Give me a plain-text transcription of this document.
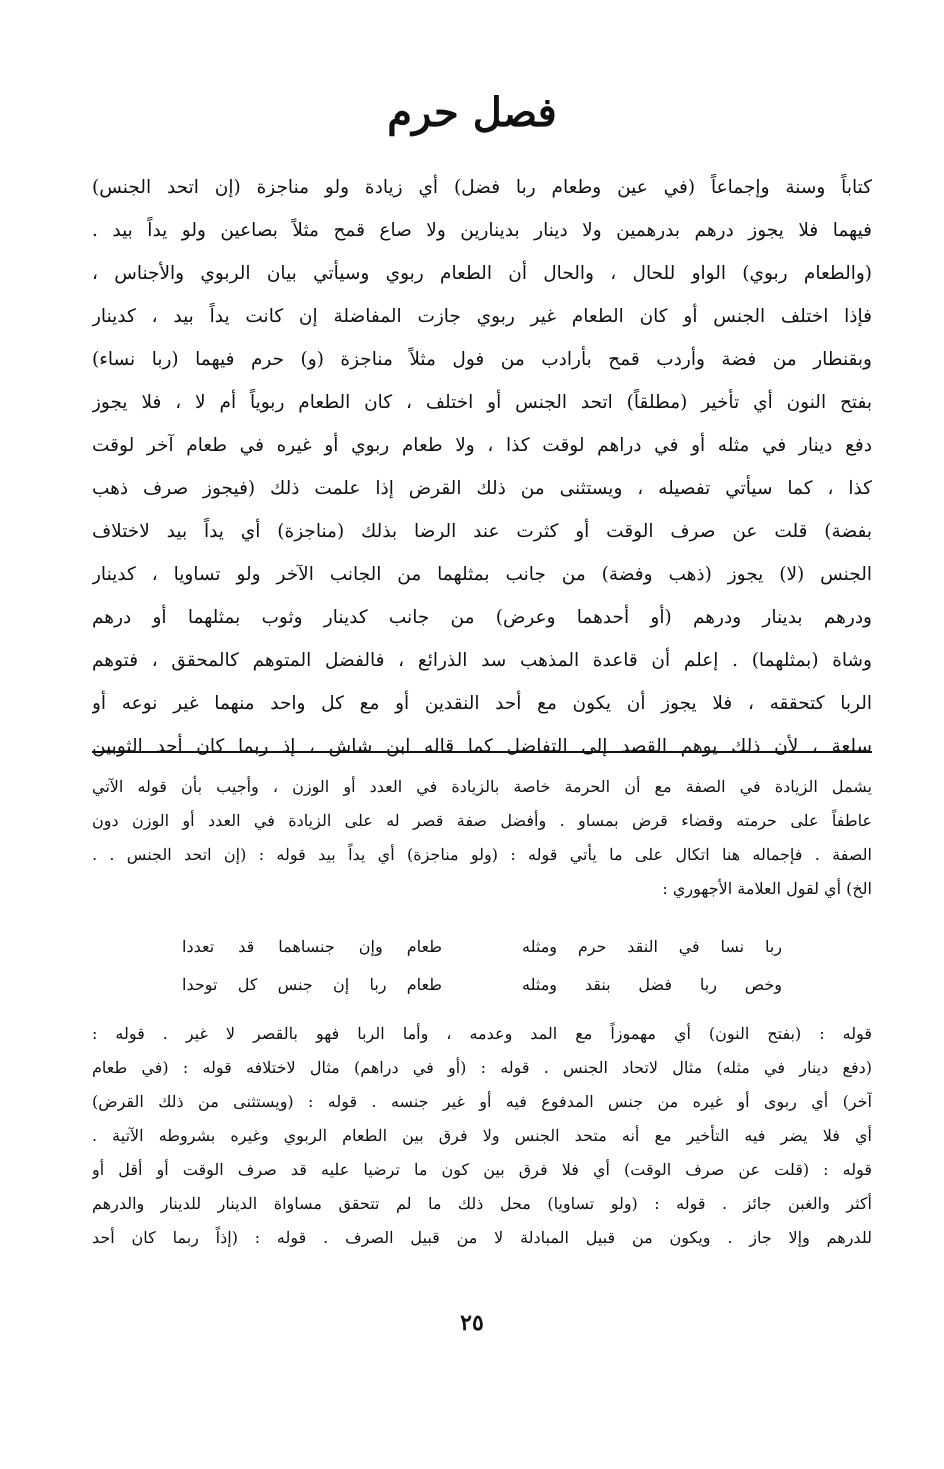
فصل حرم
كتاباً وسنة وإجماعاً (في عين وطعام ربا فضل) أي زيادة ولو مناجزة (إن اتحد الجنس)
فيهما فلا يجوز درهم بدرهمين ولا دينار بدينارين ولا صاع قمح مثلاً بصاعين ولو يداً بيد .
(والطعام ربوي) الواو للحال ، والحال أن الطعام ربوي وسيأتي بيان الربوي والأجناس ،
فإذا اختلف الجنس أو كان الطعام غير ربوي جازت المفاضلة إن كانت يداً بيد ، كدينار
وبقنطار من فضة وأردب قمح بأرادب من فول مثلاً مناجزة (و) حرم فيهما (ربا نساء)
بفتح النون أي تأخير (مطلقاً) اتحد الجنس أو اختلف ، كان الطعام ربوياً أم لا ، فلا يجوز
دفع دينار في مثله أو في دراهم لوقت كذا ، ولا طعام ربوي أو غيره في طعام آخر لوقت
كذا ، كما سيأتي تفصيله ، ويستثنى من ذلك القرض إذا علمت ذلك (فيجوز صرف ذهب
بفضة) قلت عن صرف الوقت أو كثرت عند الرضا بذلك (مناجزة) أي يداً بيد لاختلاف
الجنس (لا) يجوز (ذهب وفضة) من جانب بمثلهما من الجانب الآخر ولو تساويا ، كدينار
ودرهم بدينار ودرهم (أو أحدهما وعرض) من جانب كدينار وثوب بمثلهما أو درهم
وشاة (بمثلهما) . إعلم أن قاعدة المذهب سد الذرائع ، فالفضل المتوهم كالمحقق ، فتوهم
الربا كتحققه ، فلا يجوز أن يكون مع أحد النقدين أو مع كل واحد منهما غير نوعه أو
سلعة ، لأن ذلك يوهم القصد إلى التفاضل كما قاله ابن شاش ، إذ ربما كان أحد الثوبين
يشمل الزيادة في الصفة مع أن الحرمة خاصة بالزيادة في العدد أو الوزن ، وأجيب بأن قوله الآتي
عاطفاً على حرمته وقضاء قرض بمساو . وأفضل صفة قصر له على الزيادة في العدد أو الوزن دون
الصفة . فإجماله هنا اتكال على ما يأتي قوله : (ولو مناجزة) أي يداً بيد قوله : (إن اتحد الجنس . .
الخ) أي لقول العلامة الأجهوري :
ربا نسا في النقد حرم ومثله
طعام وإن جنساهما قد تعددا
وخص ربا فضل بنقد ومثله
طعام ربا إن جنس كل توحدا
قوله : (بفتح النون) أي مهموزاً مع المد وعدمه ، وأما الربا فهو بالقصر لا غير . قوله :
(دفع دينار في مثله) مثال لاتحاد الجنس . قوله : (أو في دراهم) مثال لاختلافه قوله : (في طعام
آخر) أي ربوى أو غيره من جنس المدفوع فيه أو غير جنسه . قوله : (ويستثنى من ذلك القرض)
أي فلا يضر فيه التأخير مع أنه متحد الجنس ولا فرق بين الطعام الربوي وغيره بشروطه الآتية .
قوله : (قلت عن صرف الوقت) أي فلا فرق بين كون ما ترضيا عليه قد صرف الوقت أو أقل أو
أكثر والغبن جائز . قوله : (ولو تساويا) محل ذلك ما لم تتحقق مساواة الدينار للدينار والدرهم
للدرهم وإلا جاز . ويكون من قبيل المبادلة لا من قبيل الصرف . قوله : (إذاً ربما كان أحد
٢٥
